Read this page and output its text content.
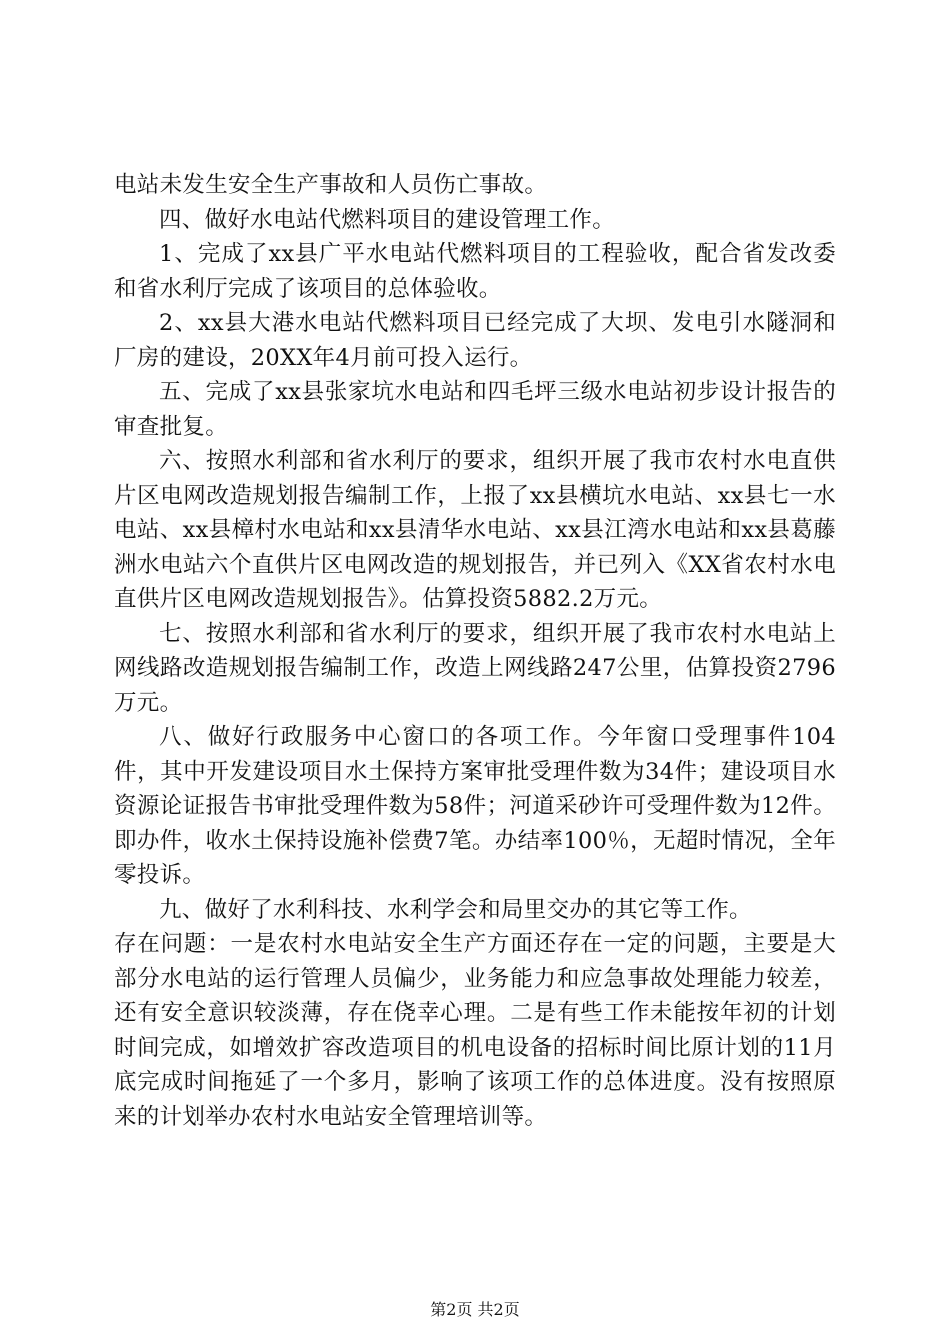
电站未发生安全生产事故和人员伤亡事故。

四、做好水电站代燃料项目的建设管理工作。

1、完成了xx县广平水电站代燃料项目的工程验收，配合省发改委和省水利厅完成了该项目的总体验收。

2、xx县大港水电站代燃料项目已经完成了大坝、发电引水隧洞和厂房的建设，20XX年4月前可投入运行。

五、完成了xx县张家坑水电站和四毛坪三级水电站初步设计报告的审查批复。

六、按照水利部和省水利厅的要求，组织开展了我市农村水电直供片区电网改造规划报告编制工作，上报了xx县横坑水电站、xx县七一水电站、xx县樟村水电站和xx县清华水电站、xx县江湾水电站和xx县葛藤洲水电站六个直供片区电网改造的规划报告，并已列入《XX省农村水电直供片区电网改造规划报告》。估算投资5882.2万元。

七、按照水利部和省水利厅的要求，组织开展了我市农村水电站上网线路改造规划报告编制工作，改造上网线路247公里，估算投资2796万元。

八、做好行政服务中心窗口的各项工作。今年窗口受理事件104件，其中开发建设项目水土保持方案审批受理件数为34件；建设项目水资源论证报告书审批受理件数为58件；河道采砂许可受理件数为12件。即办件，收水土保持设施补偿费7笔。办结率100％，无超时情况，全年零投诉。

九、做好了水利科技、水利学会和局里交办的其它等工作。

存在问题：一是农村水电站安全生产方面还存在一定的问题，主要是大部分水电站的运行管理人员偏少，业务能力和应急事故处理能力较差，还有安全意识较淡薄，存在侥幸心理。二是有些工作未能按年初的计划时间完成，如增效扩容改造项目的机电设备的招标时间比原计划的11月底完成时间拖延了一个多月，影响了该项工作的总体进度。没有按照原来的计划举办农村水电站安全管理培训等。

第2页 共2页
